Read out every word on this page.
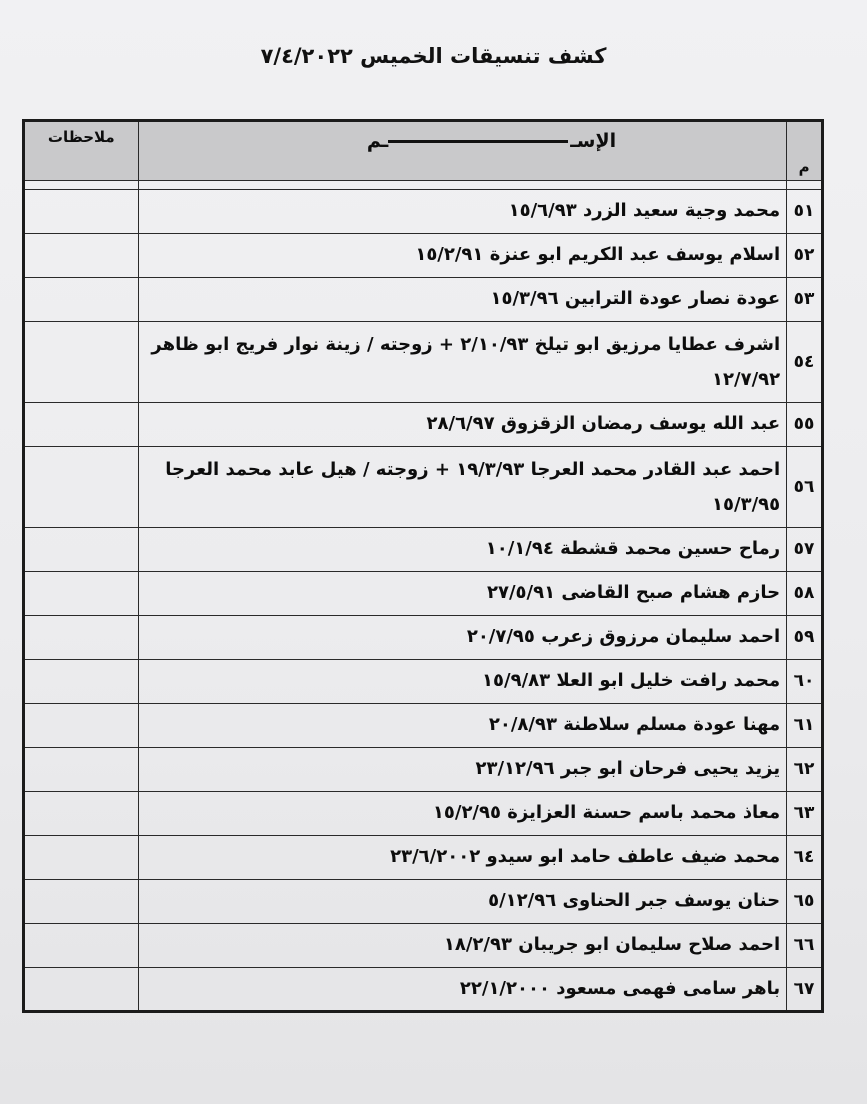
كشف تنسيقات الخميس ٧/٤/٢٠٢٢
م	الإســم	ملاحظات

٥١	محمد وجية سعيد الزرد ١٥/٦/٩٣	
٥٢	اسلام يوسف عبد الكريم ابو عنزة ١٥/٢/٩١	
٥٣	عودة نصار عودة الترابين ١٥/٣/٩٦	
٥٤	اشرف عطايا مرزيق ابو تيلخ ٢/١٠/٩٣ + زوجته / زينة نوار فريج ابو ظاهر ١٢/٧/٩٢	
٥٥	عبد الله يوسف رمضان الزقزوق ٢٨/٦/٩٧	
٥٦	احمد عبد القادر محمد العرجا ١٩/٣/٩٣ + زوجته / هيل عابد محمد العرجا ١٥/٣/٩٥	
٥٧	رماح حسين محمد قشطة ١٠/١/٩٤	
٥٨	حازم هشام صبح القاضى ٢٧/٥/٩١	
٥٩	احمد سليمان مرزوق زعرب ٢٠/٧/٩٥	
٦٠	محمد رافت خليل ابو العلا ١٥/٩/٨٣	
٦١	مهنا عودة مسلم سلاطنة ٢٠/٨/٩٣	
٦٢	يزيد يحيى فرحان ابو جبر ٢٣/١٢/٩٦	
٦٣	معاذ محمد باسم حسنة العزايزة ١٥/٢/٩٥	
٦٤	محمد ضيف عاطف حامد ابو سيدو ٢٣/٦/٢٠٠٢	
٦٥	حنان يوسف جبر الحناوى ٥/١٢/٩٦	
٦٦	احمد صلاح سليمان ابو جريبان ١٨/٢/٩٣	
٦٧	باهر سامى فهمى مسعود ٢٢/١/٢٠٠٠	
